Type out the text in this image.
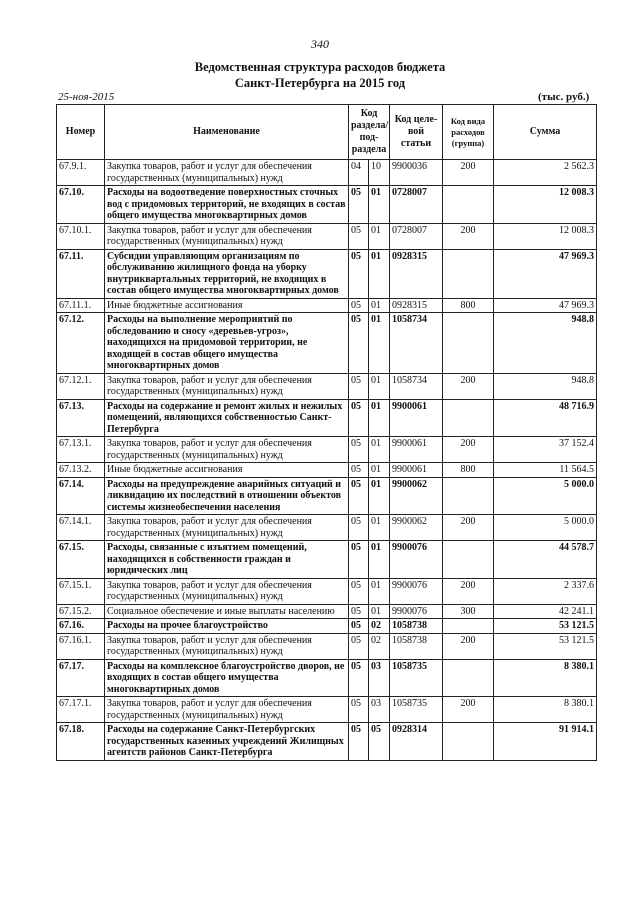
340
Ведомственная структура расходов бюджета
Санкт-Петербурга на 2015 год
25-ноя-2015	(тыс. руб.)
Номер	Наименование	Код раздела/ под-раздела		Код целе-вой статьи	Код вида расходов (группа)	Сумма
67.9.1.	Закупка товаров, работ и услуг для обеспечения государственных (муниципальных) нужд	04	10	9900036	200	2 562.3
67.10.	Расходы на водоотведение поверхностных сточных вод с придомовых территорий, не входящих в состав общего имущества многоквартирных домов	05	01	0728007		12 008.3
67.10.1.	Закупка товаров, работ и услуг для обеспечения государственных (муниципальных) нужд	05	01	0728007	200	12 008.3
67.11.	Субсидии управляющим организациям по обслуживанию жилищного фонда на уборку внутриквартальных территорий, не входящих в состав общего имущества многоквартирных домов	05	01	0928315		47 969.3
67.11.1.	Иные бюджетные ассигнования	05	01	0928315	800	47 969.3
67.12.	Расходы на выполнение мероприятий по обследованию и сносу «деревьев-угроз», находящихся на придомовой территории, не входящей в состав общего имущества многоквартирных домов	05	01	1058734		948.8
67.12.1.	Закупка товаров, работ и услуг для обеспечения государственных (муниципальных) нужд	05	01	1058734	200	948.8
67.13.	Расходы на содержание и ремонт жилых и нежилых помещений, являющихся собственностью Санкт-Петербурга	05	01	9900061		48 716.9
67.13.1.	Закупка товаров, работ и услуг для обеспечения государственных (муниципальных) нужд	05	01	9900061	200	37 152.4
67.13.2.	Иные бюджетные ассигнования	05	01	9900061	800	11 564.5
67.14.	Расходы на предупреждение аварийных ситуаций и ликвидацию их последствий в отношении объектов системы жизнеобеспечения населения	05	01	9900062		5 000.0
67.14.1.	Закупка товаров, работ и услуг для обеспечения государственных (муниципальных) нужд	05	01	9900062	200	5 000.0
67.15.	Расходы, связанные с изъятием помещений, находящихся в собственности граждан и юридических лиц	05	01	9900076		44 578.7
67.15.1.	Закупка товаров, работ и услуг для обеспечения государственных (муниципальных) нужд	05	01	9900076	200	2 337.6
67.15.2.	Социальное обеспечение и иные выплаты населению	05	01	9900076	300	42 241.1
67.16.	Расходы на прочее благоустройство	05	02	1058738		53 121.5
67.16.1.	Закупка товаров, работ и услуг для обеспечения государственных (муниципальных) нужд	05	02	1058738	200	53 121.5
67.17.	Расходы на комплексное благоустройство дворов, не входящих в состав общего имущества многоквартирных домов	05	03	1058735		8 380.1
67.17.1.	Закупка товаров, работ и услуг для обеспечения государственных (муниципальных) нужд	05	03	1058735	200	8 380.1
67.18.	Расходы на содержание Санкт-Петербургских государственных казенных учреждений Жилищных агентств районов Санкт-Петербурга	05	05	0928314		91 914.1
